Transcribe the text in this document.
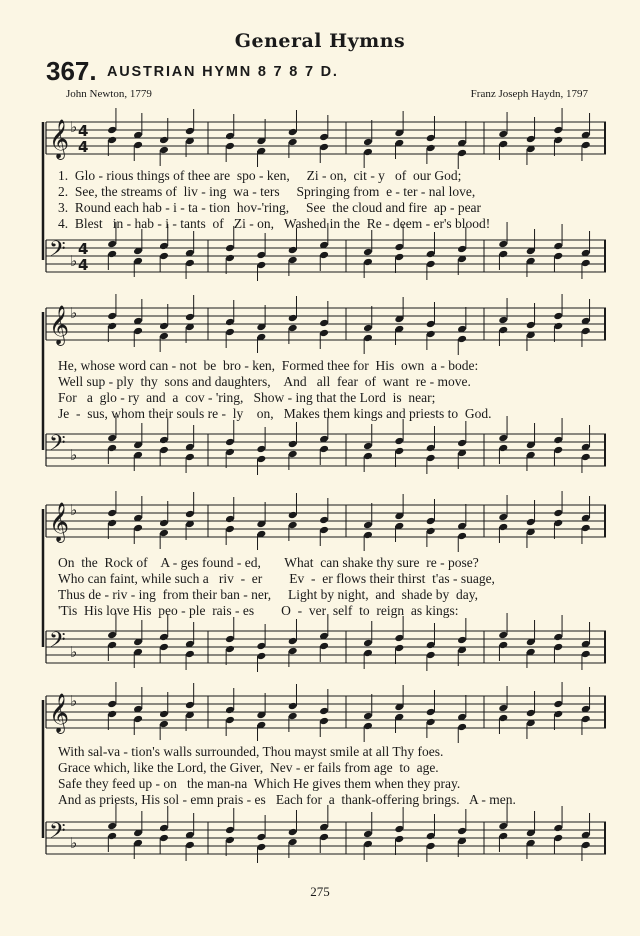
General Hymns
367. AUSTRIAN HYMN 8 7 8 7 D.
John Newton, 1779	Franz Joseph Haydn, 1797
𝄞 ♭ 4
4
𝄢 ♭
4
4
1.  Glo - rious things of thee are  spo - ken,     Zi - on,  cit - y   of  our God;
2.  See, the streams of  liv - ing  wa - ters     Springing from  e - ter - nal love,
3.  Round each hab - i - ta - tion  hov-'ring,     See  the cloud and fire  ap - pear
4.  Blest   in - hab - i - tants  of   Zi - on,   Washed in the  Re - deem - er's blood!
𝄞 ♭
𝄢 ♭
He, whose word can - not  be  bro - ken,  Formed thee for  His  own  a - bode:
Well sup - ply  thy  sons and daughters,    And   all  fear  of  want  re - move.
For   a  glo - ry  and  a  cov - 'ring,   Show - ing that the Lord  is  near;
Je  -  sus, whom their souls re -  ly    on,   Makes them kings and priests to  God.
𝄞 ♭
𝄢 ♭
On  the  Rock of    A - ges found - ed,       What  can shake thy sure  re - pose?
Who can faint, while such a   riv  -  er        Ev  -  er flows their thirst  t'as - suage,
Thus de - riv - ing  from their ban - ner,     Light by night,  and  shade by  day,
'Tis  His love His  peo - ple  rais - es        O  -  ver  self  to  reign  as kings:
𝄞 ♭
𝄢 ♭
With sal-va - tion's walls surrounded, Thou mayst smile at all Thy foes.
Grace which, like the Lord, the Giver,  Nev - er fails from age  to  age.
Safe they feed up - on   the man-na  Which He gives them when they pray.
And as priests, His sol - emn prais - es   Each for  a  thank-offering brings.   A - men.
275
